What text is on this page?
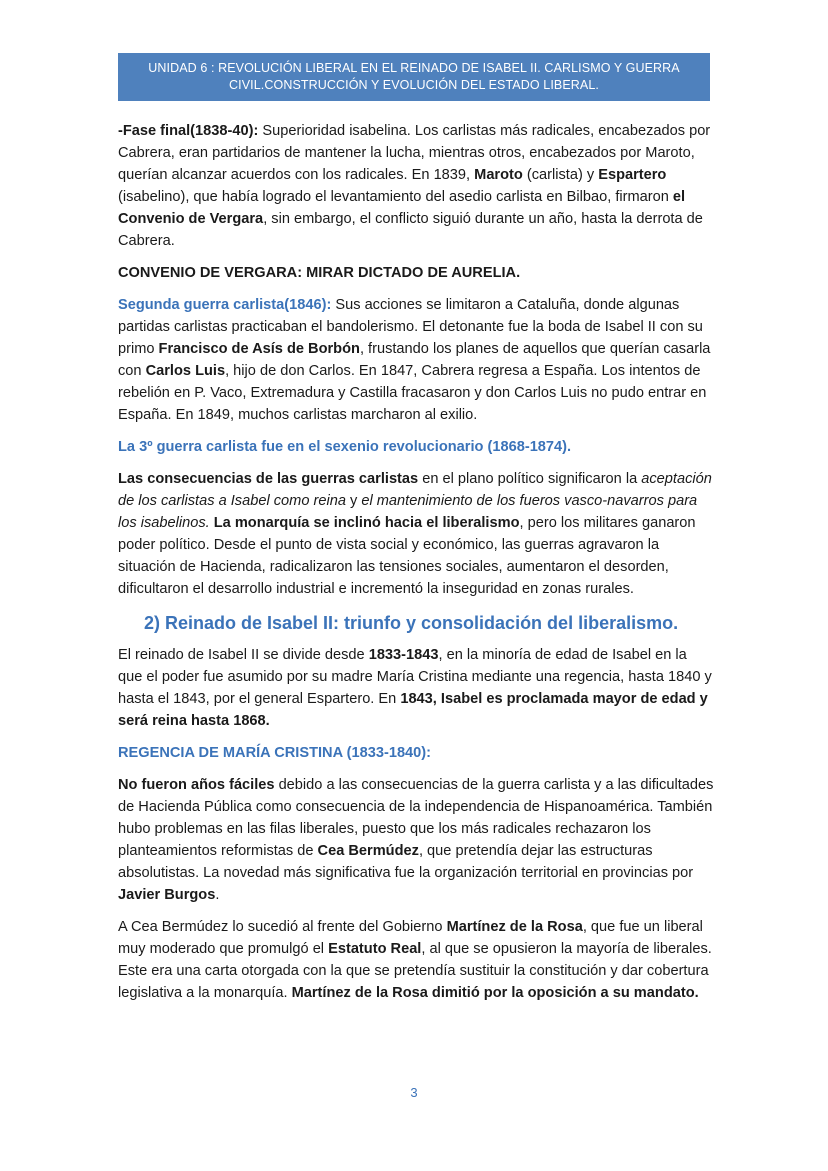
UNIDAD 6 : REVOLUCIÓN LIBERAL EN EL REINADO DE ISABEL II. CARLISMO Y GUERRA
CIVIL.CONSTRUCCIÓN Y EVOLUCIÓN DEL ESTADO LIBERAL.

-Fase final(1838-40): Superioridad isabelina. Los carlistas más radicales, encabezados por Cabrera, eran partidarios de mantener la lucha, mientras otros, encabezados por Maroto, querían alcanzar acuerdos con los radicales. En 1839, Maroto (carlista) y Espartero (isabelino), que había logrado el levantamiento del asedio carlista en Bilbao, firmaron el Convenio de Vergara, sin embargo, el conflicto siguió durante un año, hasta la derrota de Cabrera.

CONVENIO DE VERGARA: MIRAR DICTADO DE AURELIA.

Segunda guerra carlista(1846): Sus acciones se limitaron a Cataluña, donde algunas partidas carlistas practicaban el bandolerismo. El detonante fue la boda de Isabel II con su primo Francisco de Asís de Borbón, frustando los planes de aquellos que querían casarla con Carlos Luis, hijo de don Carlos. En 1847, Cabrera regresa a España. Los intentos de rebelión en P. Vaco, Extremadura y Castilla fracasaron y don Carlos Luis no pudo entrar en España. En 1849, muchos carlistas marcharon al exilio.

La 3º guerra carlista fue en el sexenio revolucionario (1868-1874).

Las consecuencias de las guerras carlistas en el plano político significaron la aceptación de los carlistas a Isabel como reina y el mantenimiento de los fueros vasco-navarros para los isabelinos. La monarquía se inclinó hacia el liberalismo, pero los militares ganaron poder político. Desde el punto de vista social y económico, las guerras agravaron la situación de Hacienda, radicalizaron las tensiones sociales, aumentaron el desorden, dificultaron el desarrollo industrial e incrementó la inseguridad en zonas rurales.

2) Reinado de Isabel II: triunfo y consolidación del liberalismo.

El reinado de Isabel II se divide desde 1833-1843, en la minoría de edad de Isabel en la que el poder fue asumido por su madre María Cristina mediante una regencia, hasta 1840 y hasta el 1843, por el general Espartero. En 1843, Isabel es proclamada mayor de edad y será reina hasta 1868.

REGENCIA DE MARÍA CRISTINA (1833-1840):

No fueron años fáciles debido a las consecuencias de la guerra carlista y a las dificultades de Hacienda Pública como consecuencia de la independencia de Hispanoamérica. También hubo problemas en las filas liberales, puesto que los más radicales rechazaron los planteamientos reformistas de Cea Bermúdez, que pretendía dejar las estructuras absolutistas. La novedad más significativa fue la organización territorial en provincias por Javier Burgos.

A Cea Bermúdez lo sucedió al frente del Gobierno Martínez de la Rosa, que fue un liberal muy moderado que promulgó el Estatuto Real, al que se opusieron la mayoría de liberales. Este era una carta otorgada con la que se pretendía sustituir la constitución y dar cobertura legislativa a la monarquía. Martínez de la Rosa dimitió por la oposición a su mandato.

3
